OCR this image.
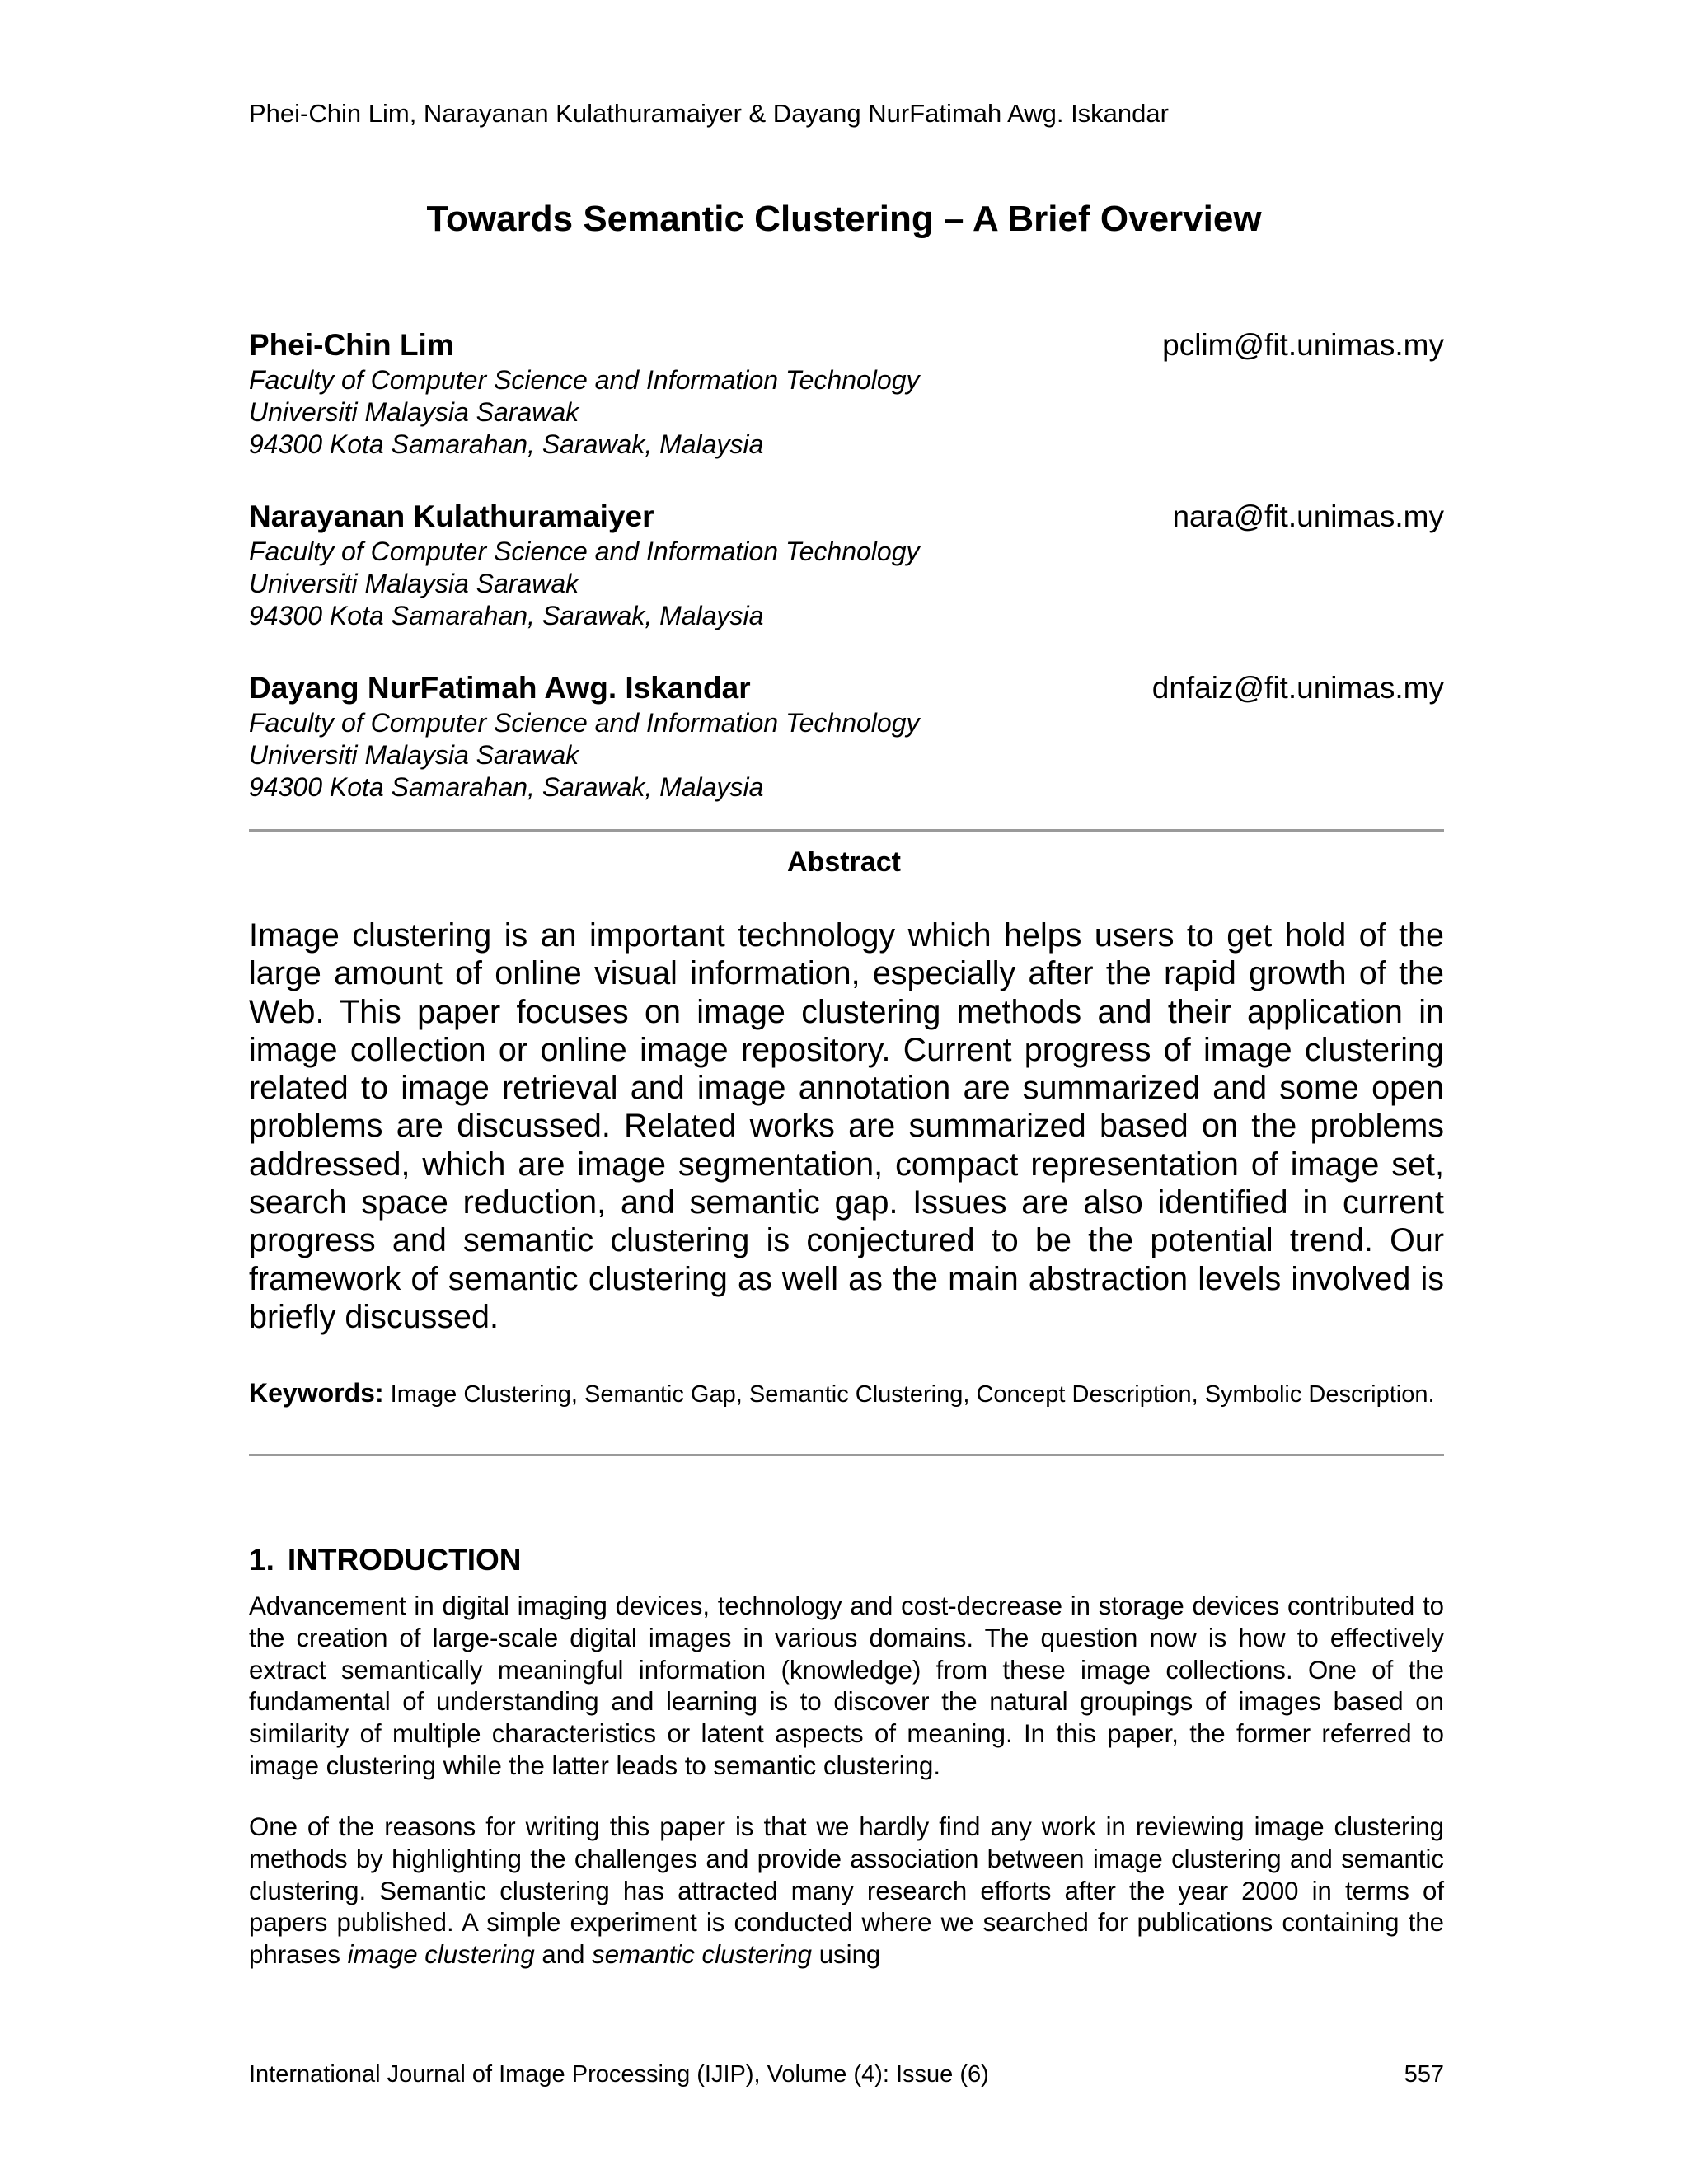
Phei-Chin Lim, Narayanan Kulathuramaiyer & Dayang NurFatimah Awg. Iskandar
Towards Semantic Clustering – A Brief Overview
Phei-Chin Lim	pclim@fit.unimas.my
Faculty of Computer Science and Information Technology
Universiti Malaysia Sarawak
94300 Kota Samarahan, Sarawak, Malaysia
Narayanan Kulathuramaiyer	nara@fit.unimas.my
Faculty of Computer Science and Information Technology
Universiti Malaysia Sarawak
94300 Kota Samarahan, Sarawak, Malaysia
Dayang NurFatimah Awg. Iskandar	dnfaiz@fit.unimas.my
Faculty of Computer Science and Information Technology
Universiti Malaysia Sarawak
94300 Kota Samarahan, Sarawak, Malaysia
Abstract
Image clustering is an important technology which helps users to get hold of the large amount of online visual information, especially after the rapid growth of the Web. This paper focuses on image clustering methods and their application in image collection or online image repository. Current progress of image clustering related to image retrieval and image annotation are summarized and some open problems are discussed. Related works are summarized based on the problems addressed, which are image segmentation, compact representation of image set, search space reduction, and semantic gap. Issues are also identified in current progress and semantic clustering is conjectured to be the potential trend. Our framework of semantic clustering as well as the main abstraction levels involved is briefly discussed.
Keywords: Image Clustering, Semantic Gap, Semantic Clustering, Concept Description, Symbolic Description.
1. INTRODUCTION
Advancement in digital imaging devices, technology and cost-decrease in storage devices contributed to the creation of large-scale digital images in various domains. The question now is how to effectively extract semantically meaningful information (knowledge) from these image collections. One of the fundamental of understanding and learning is to discover the natural groupings of images based on similarity of multiple characteristics or latent aspects of meaning. In this paper, the former referred to image clustering while the latter leads to semantic clustering.
One of the reasons for writing this paper is that we hardly find any work in reviewing image clustering methods by highlighting the challenges and provide association between image clustering and semantic clustering. Semantic clustering has attracted many research efforts after the year 2000 in terms of papers published. A simple experiment is conducted where we searched for publications containing the phrases image clustering and semantic clustering using
International Journal of Image Processing (IJIP), Volume (4): Issue (6)	557
